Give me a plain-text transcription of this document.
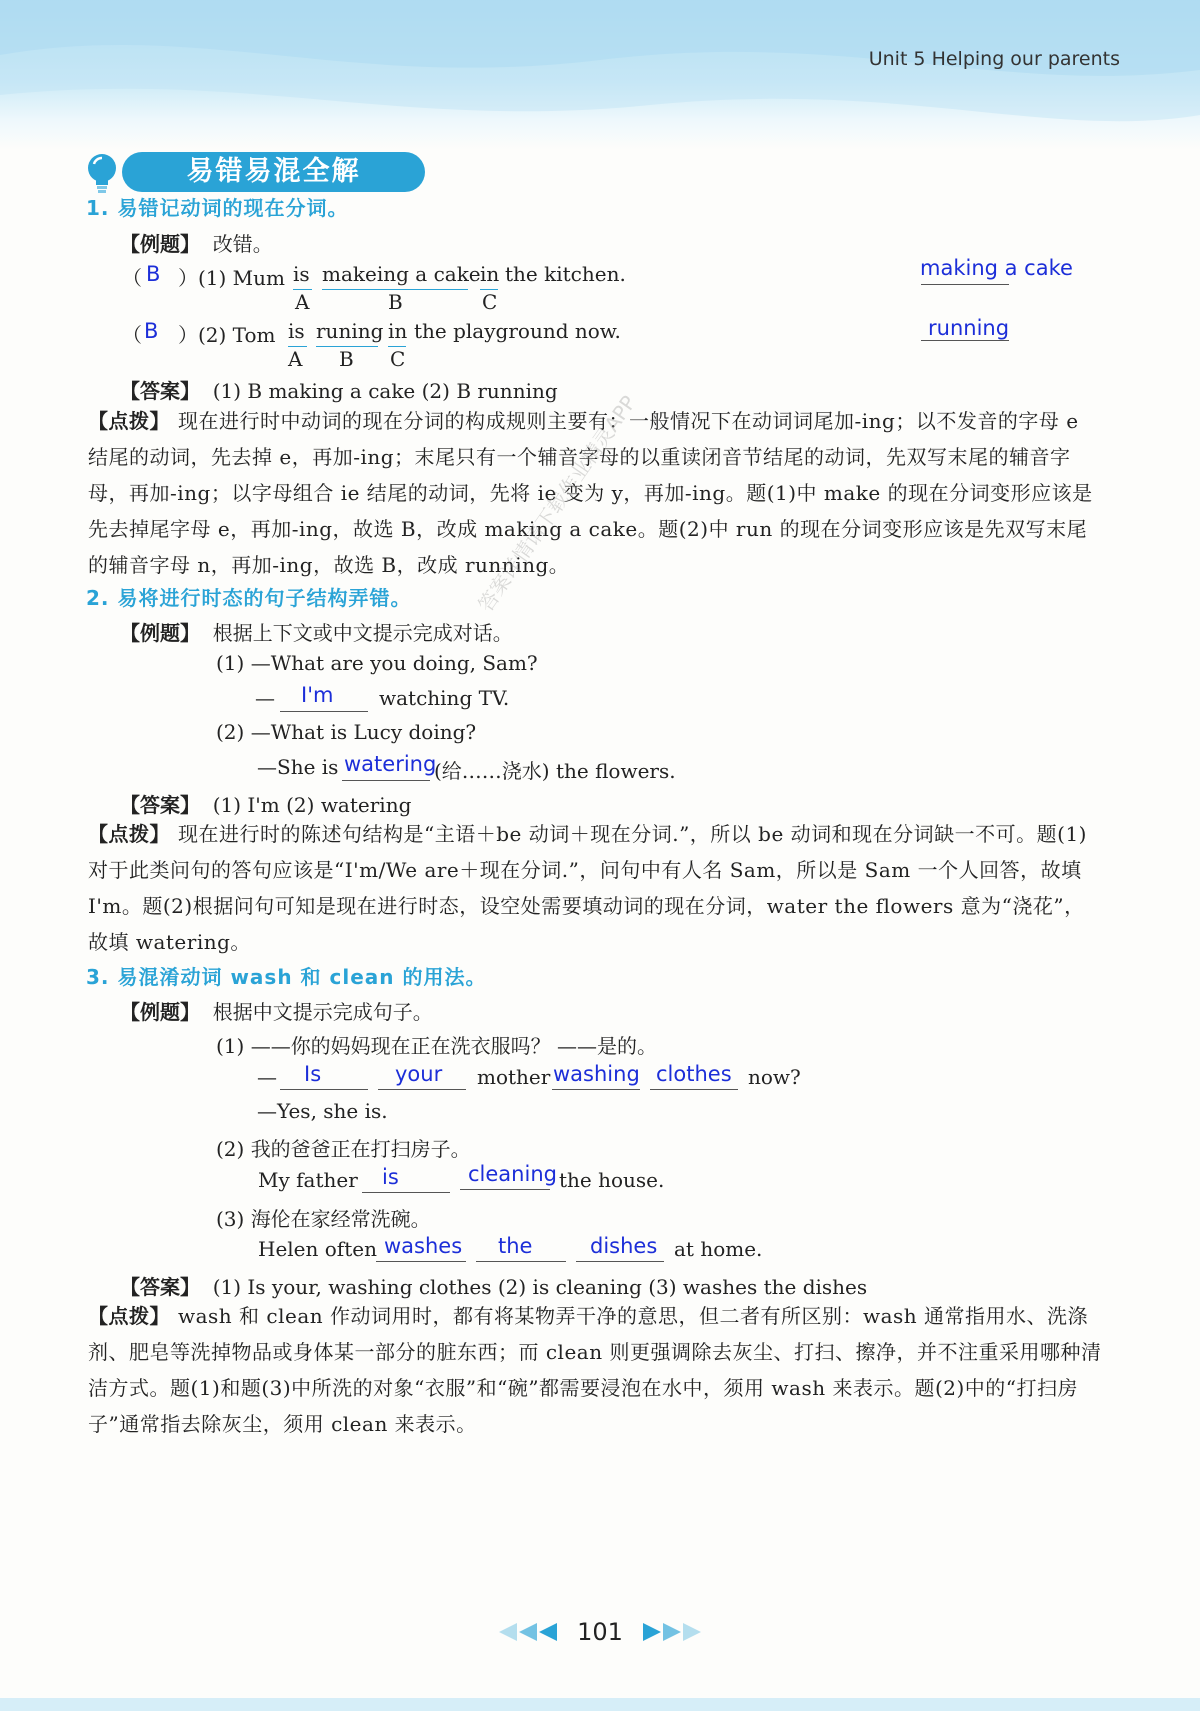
Unit 5 Helping our parents
易错易混全解
1. 易错记动词的现在分词。
【例题】 改错。
（ B ）(1) Mum is makeing a cake in the kitchen.
A	B	C
making a cake
（ B ）(2) Tom is runing in the playground now.
A B C
running
【答案】 (1) B making a cake (2) B running
【点拨】 现在进行时中动词的现在分词的构成规则主要有：一般情况下在动词词尾加-ing；以不发音的字母 e 结尾的动词，先去掉 e，再加-ing；末尾只有一个辅音字母的以重读闭音节结尾的动词，先双写末尾的辅音字母，再加-ing；以字母组合 ie 结尾的动词，先将 ie 变为 y，再加-ing。题(1)中 make 的现在分词变形应该是先去掉尾字母 e，再加-ing，故选 B，改成 making a cake。题(2)中 run 的现在分词变形应该是先双写末尾的辅音字母 n，再加-ing，故选 B，改成 running。
2. 易将进行时态的句子结构弄错。
【例题】 根据上下文或中文提示完成对话。
(1) —What are you doing, Sam?
— I'm watching TV.
(2) —What is Lucy doing?
—She is watering
(给……浇水) the flowers.
【答案】 (1) I'm (2) watering
【点拨】 现在进行时的陈述句结构是“主语＋be 动词＋现在分词.”，所以 be 动词和现在分词缺一不可。题(1)对于此类问句的答句应该是“I'm/We are＋现在分词.”，问句中有人名 Sam，所以是 Sam 一个人回答，故填 I'm。题(2)根据问句可知是现在进行时态，设空处需要填动词的现在分词，water the flowers 意为“浇花”，故填 watering。
3. 易混淆动词 wash 和 clean 的用法。
【例题】 根据中文提示完成句子。
(1) ——你的妈妈现在正在洗衣服吗？ ——是的。
— Is	your mother washing clothes now?
—Yes, she is.
(2) 我的爸爸正在打扫房子。
My father is	cleaning the house.
(3) 海伦在家经常洗碗。
Helen often washes the	dishes at home.
【答案】 (1) Is your, washing clothes (2) is cleaning (3) washes the dishes
【点拨】 wash 和 clean 作动词用时，都有将某物弄干净的意思，但二者有所区别：wash 通常指用水、洗涤剂、肥皂等洗掉物品或身体某一部分的脏东西；而 clean 则更强调除去灰尘、打扫、擦净，并不注重采用哪种清洁方式。题(1)和题(3)中所洗的对象“衣服”和“碗”都需要浸泡在水中，须用 wash 来表示。题(2)中的“打扫房子”通常指去除灰尘，须用 clean 来表示。
答案详情请下载作业精灵APP
101
